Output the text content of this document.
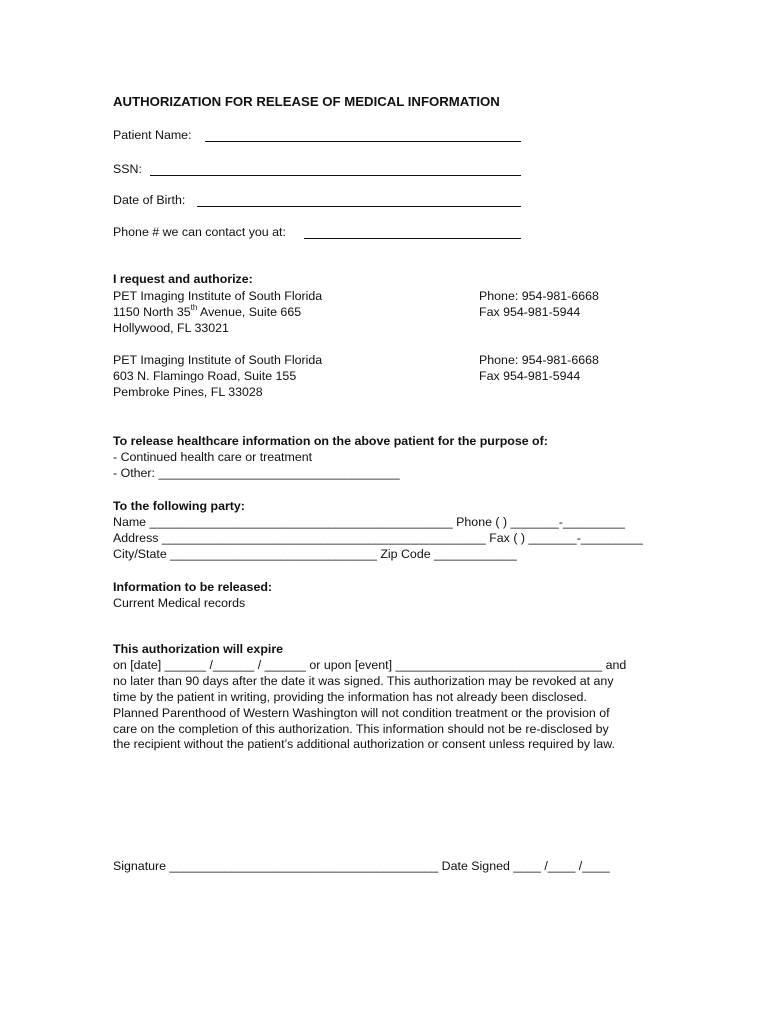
AUTHORIZATION FOR RELEASE OF MEDICAL INFORMATION
Patient Name:
SSN:
Date of Birth:
Phone # we can contact you at:
I request and authorize:
PET Imaging Institute of South Florida
1150 North 35th Avenue, Suite 665
Hollywood, FL 33021
Phone: 954-981-6668
Fax 954-981-5944
PET Imaging Institute of South Florida
603 N. Flamingo Road, Suite 155
Pembroke Pines, FL 33028
Phone: 954-981-6668
Fax 954-981-5944
To release healthcare information on the above patient for the purpose of:
- Continued health care or treatment
- Other: ___________________________________
To the following party:
Name ____________________________________________ Phone ( ) _______-_________
Address _______________________________________________ Fax ( ) _______-_________
City/State ______________________________ Zip Code ____________
Information to be released:
Current Medical records
This authorization will expire
on [date] ______ /______ / ______ or upon [event] ______________________________ and
no later than 90 days after the date it was signed. This authorization may be revoked at any
time by the patient in writing, providing the information has not already been disclosed.
Planned Parenthood of Western Washington will not condition treatment or the provision of
care on the completion of this authorization. This information should not be re-disclosed by
the recipient without the patient’s additional authorization or consent unless required by law.
Signature _______________________________________ Date Signed ____ /____ /____
